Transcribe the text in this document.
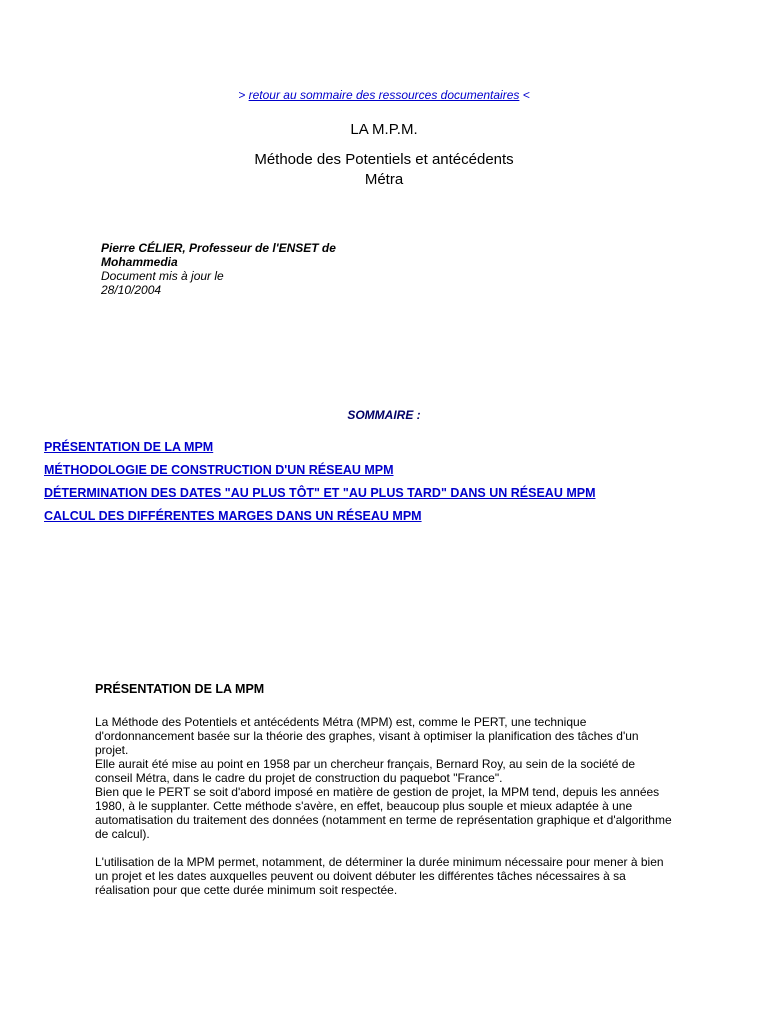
> retour au sommaire des ressources documentaires <
LA M.P.M.
Méthode des Potentiels et antécédents
Métra
Pierre CÉLIER, Professeur de l'ENSET de Mohammedia
Document mis à jour le
28/10/2004
SOMMAIRE :
PRÉSENTATION DE LA MPM
MÉTHODOLOGIE DE CONSTRUCTION D'UN RÉSEAU MPM
DÉTERMINATION DES DATES "AU PLUS TÔT" ET "AU PLUS TARD" DANS UN RÉSEAU MPM
CALCUL DES DIFFÉRENTES MARGES DANS UN RÉSEAU MPM
PRÉSENTATION DE LA MPM

La Méthode des Potentiels et antécédents Métra (MPM) est, comme le PERT, une technique d'ordonnancement basée sur la théorie des graphes, visant à optimiser la planification des tâches d'un projet.
Elle aurait été mise au point en 1958 par un chercheur français, Bernard Roy, au sein de la société de conseil Métra, dans le cadre du projet de construction du paquebot "France".
Bien que le PERT se soit d'abord imposé en matière de gestion de projet, la MPM tend, depuis les années 1980, à le supplanter. Cette méthode s'avère, en effet, beaucoup plus souple et mieux adaptée à une automatisation du traitement des données (notamment en terme de représentation graphique et d'algorithme de calcul).

L'utilisation de la MPM permet, notamment, de déterminer la durée minimum nécessaire pour mener à bien un projet et les dates auxquelles peuvent ou doivent débuter les différentes tâches nécessaires à sa réalisation pour que cette durée minimum soit respectée.
